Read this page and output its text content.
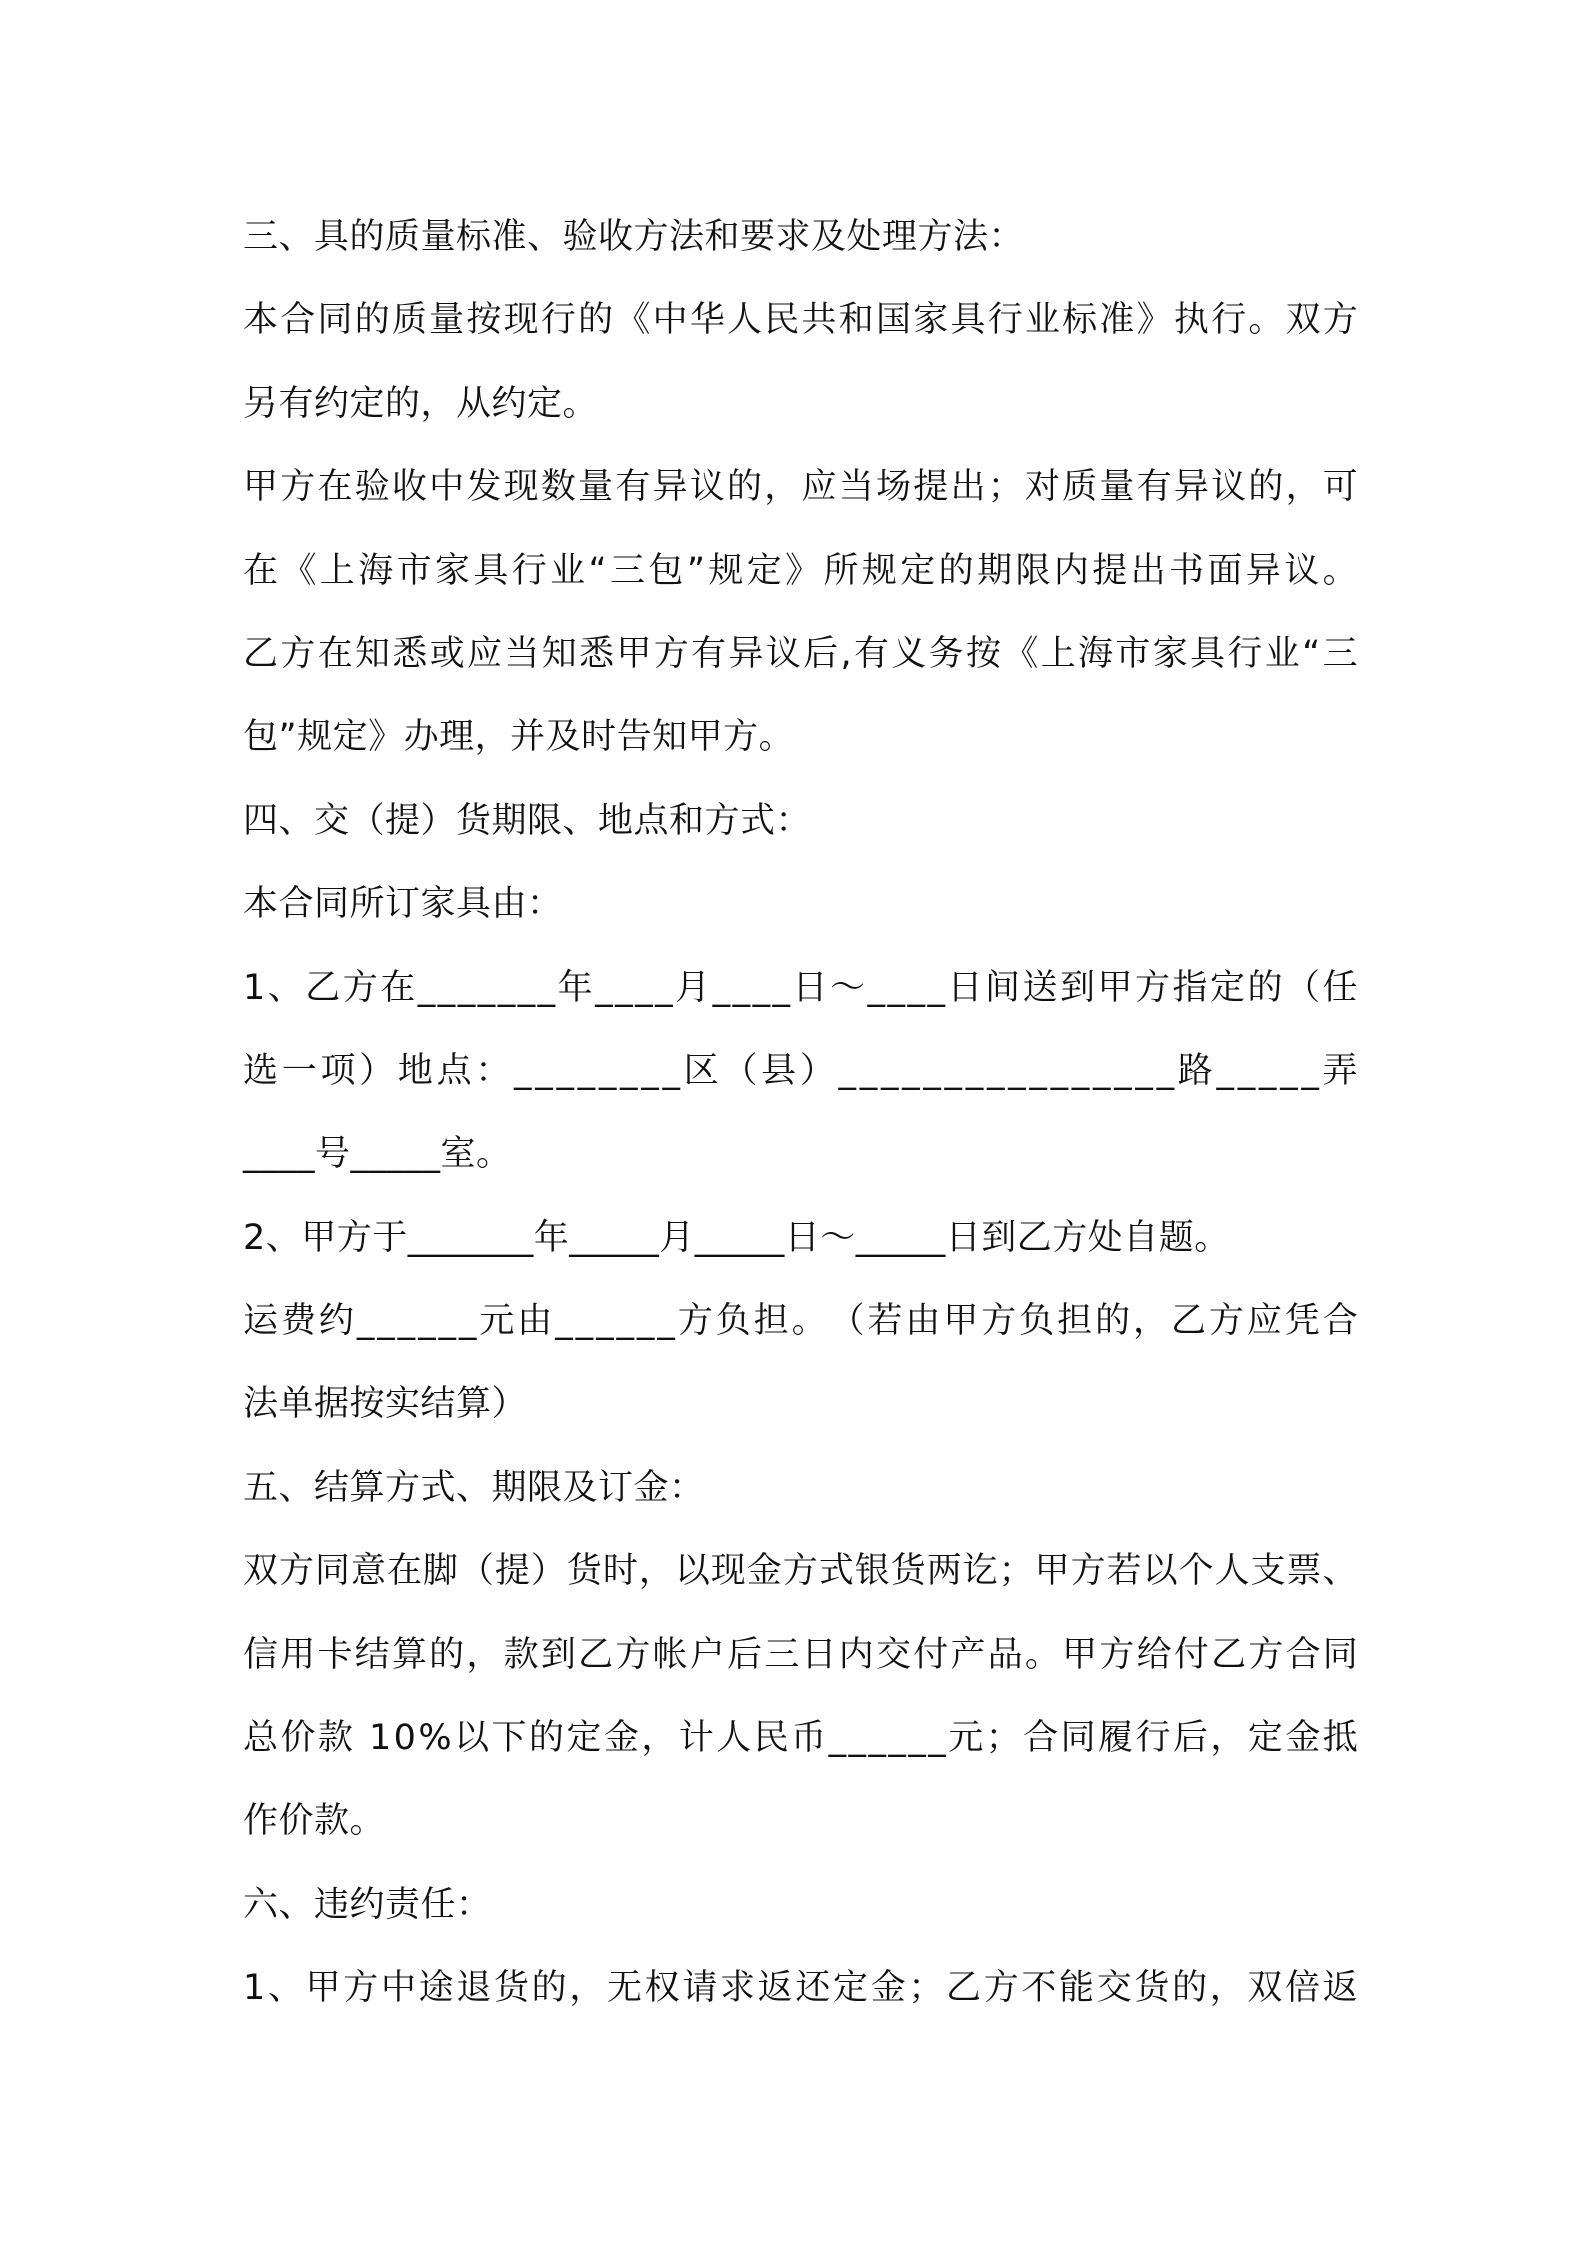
三、具的质量标准、验收方法和要求及处理方法：
本 合 同 的 质 量 按 现 行 的 《 中 华 人 民 共 和 国 家 具 行 业 标 准 》 执 行 。 双 方
另有约定的，从约定。
甲 方 在 验 收 中 发 现 数 量 有 异 议 的 ， 应 当 场 提 出 ； 对 质 量 有 异 议 的 ， 可
在 《 上 海 市 家 具 行 业 “ 三 包 ” 规 定 》 所 规 定 的 期 限 内 提 出 书 面 异 议 。
乙 方 在 知 悉 或 应 当 知 悉 甲 方 有 异 议 后 , 有 义 务 按 《 上 海 市 家 具 行 业 “ 三
包”规定》办理，并及时告知甲方。
四、交（提）货期限、地点和方式：
本合同所订家具由：
1 、 乙 方 在 _ _ _ _ _ _ _ 年 _ _ _ _ 月 _ _ _ _ 日 ～ _ _ _ _ 日 间 送 到 甲 方 指 定 的 （ 任
选 一 项 ） 地 点 ： _ _ _ _ _ _ _ _ 区 （ 县 ） _ _ _ _ _ _ _ _ _ _ _ _ _ _ _ _ 路 _ _ _ _ _ 弄
____号_____室。
2、甲方于_______年_____月_____日～_____日到乙方处自题。
运 费 约 _ _ _ _ _ _ 元 由 _ _ _ _ _ _ 方 负 担 。 （ 若 由 甲 方 负 担 的 ， 乙 方 应 凭 合
法单据按实结算）
五、结算方式、期限及订金：
双 方 同 意 在 脚 （ 提 ） 货 时 ， 以 现 金 方 式 银 货 两 讫 ； 甲 方 若 以 个 人 支 票 、
信 用 卡 结 算 的 ， 款 到 乙 方 帐 户 后 三 日 内 交 付 产 品 。 甲 方 给 付 乙 方 合 同
总 价 款
1 0 % 以 下 的 定 金 ， 计 人 民 币 _ _ _ _ _ _ 元 ； 合 同 履 行 后 ， 定 金 抵
作价款。
六、违约责任：
1 、 甲 方 中 途 退 货 的 ， 无 权 请 求 返 还 定 金 ； 乙 方 不 能 交 货 的 ， 双 倍 返
